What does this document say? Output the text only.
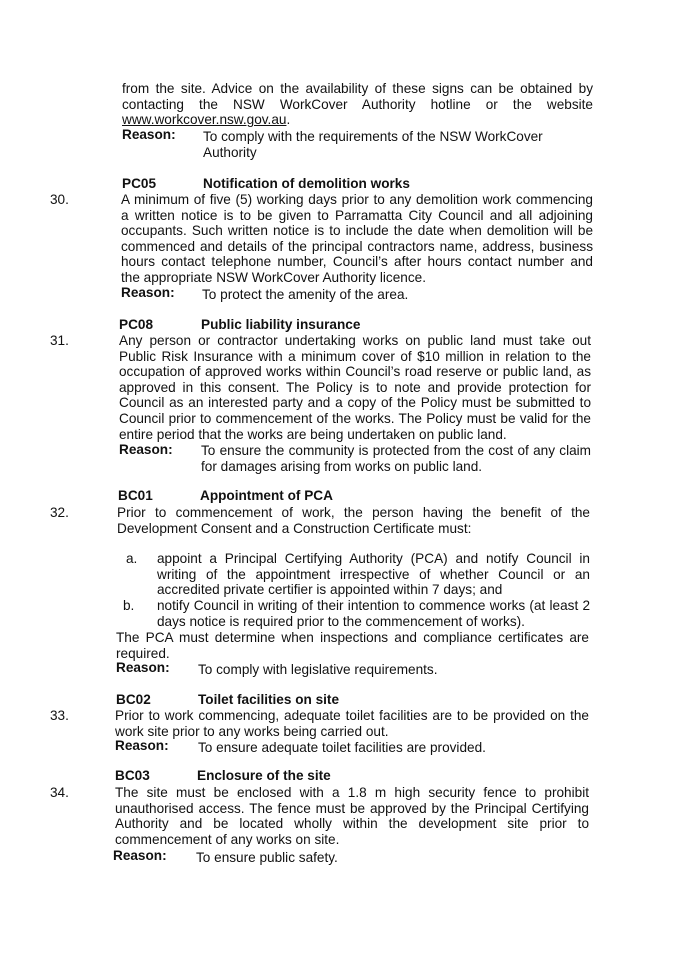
from the site. Advice on the availability of these signs can be obtained by contacting the NSW WorkCover Authority hotline or the website www.workcover.nsw.gov.au.
Reason: To comply with the requirements of the NSW WorkCover Authority
PC05	Notification of demolition works
30.	A minimum of five (5) working days prior to any demolition work commencing a written notice is to be given to Parramatta City Council and all adjoining occupants. Such written notice is to include the date when demolition will be commenced and details of the principal contractors name, address, business hours contact telephone number, Council’s after hours contact number and the appropriate NSW WorkCover Authority licence.
Reason: To protect the amenity of the area.
PC08	Public liability insurance
31.	Any person or contractor undertaking works on public land must take out Public Risk Insurance with a minimum cover of $10 million in relation to the occupation of approved works within Council’s road reserve or public land, as approved in this consent. The Policy is to note and provide protection for Council as an interested party and a copy of the Policy must be submitted to Council prior to commencement of the works. The Policy must be valid for the entire period that the works are being undertaken on public land.
Reason: To ensure the community is protected from the cost of any claim for damages arising from works on public land.
BC01	Appointment of PCA
32.	Prior to commencement of work, the person having the benefit of the Development Consent and a Construction Certificate must:
a. appoint a Principal Certifying Authority (PCA) and notify Council in writing of the appointment irrespective of whether Council or an accredited private certifier is appointed within 7 days; and
b. notify Council in writing of their intention to commence works (at least 2 days notice is required prior to the commencement of works).
The PCA must determine when inspections and compliance certificates are required.
Reason: To comply with legislative requirements.
BC02	Toilet facilities on site
33.	Prior to work commencing, adequate toilet facilities are to be provided on the work site prior to any works being carried out.
Reason: To ensure adequate toilet facilities are provided.
BC03	Enclosure of the site
34.	The site must be enclosed with a 1.8 m high security fence to prohibit unauthorised access. The fence must be approved by the Principal Certifying Authority and be located wholly within the development site prior to commencement of any works on site.
Reason: To ensure public safety.
